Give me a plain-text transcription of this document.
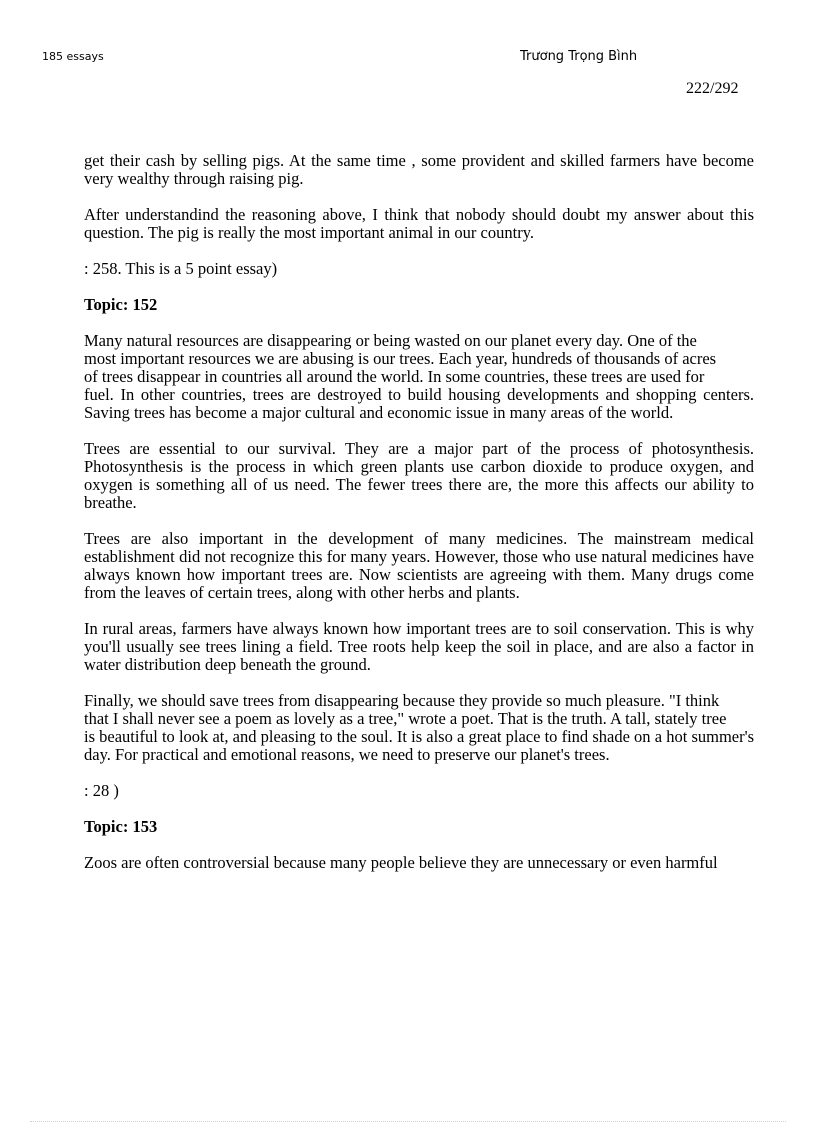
185 essays	Trương Trọng Bình
222/292

get their cash by selling pigs. At the same time , some provident and skilled farmers have become very wealthy through raising pig.

After understandind the reasoning above, I think that nobody should doubt my answer about this question. The pig is really the most important animal in our country.

: 258. This is a 5 point essay)

Topic: 152

Many natural resources are disappearing or being wasted on our planet every day. One of the

most important resources we are abusing is our trees. Each year, hundreds of thousands of acres

of trees disappear in countries all around the world. In some countries, these trees are used for

fuel. In other countries, trees are destroyed to build housing developments and shopping centers. Saving trees has become a major cultural and economic issue in many areas of the world.

Trees are essential to our survival. They are a major part of the process of photosynthesis. Photosynthesis is the process in which green plants use carbon dioxide to produce oxygen, and oxygen is something all of us need. The fewer trees there are, the more this affects our ability to breathe.

Trees are also important in the development of many medicines. The mainstream medical establishment did not recognize this for many years. However, those who use natural medicines have always known how important trees are. Now scientists are agreeing with them. Many drugs come from the leaves of certain trees, along with other herbs and plants.

In rural areas, farmers have always known how important trees are to soil conservation. This is why you'll usually see trees lining a field. Tree roots help keep the soil in place, and are also a factor in water distribution deep beneath the ground.

Finally, we should save trees from disappearing because they provide so much pleasure. "I think

that I shall never see a poem as lovely as a tree," wrote a poet. That is the truth. A tall, stately tree

is beautiful to look at, and pleasing to the soul. It is also a great place to find shade on a hot summer's day. For practical and emotional reasons, we need to preserve our planet's trees.

: 28 )

Topic: 153

Zoos are often controversial because many people believe they are unnecessary or even harmful
